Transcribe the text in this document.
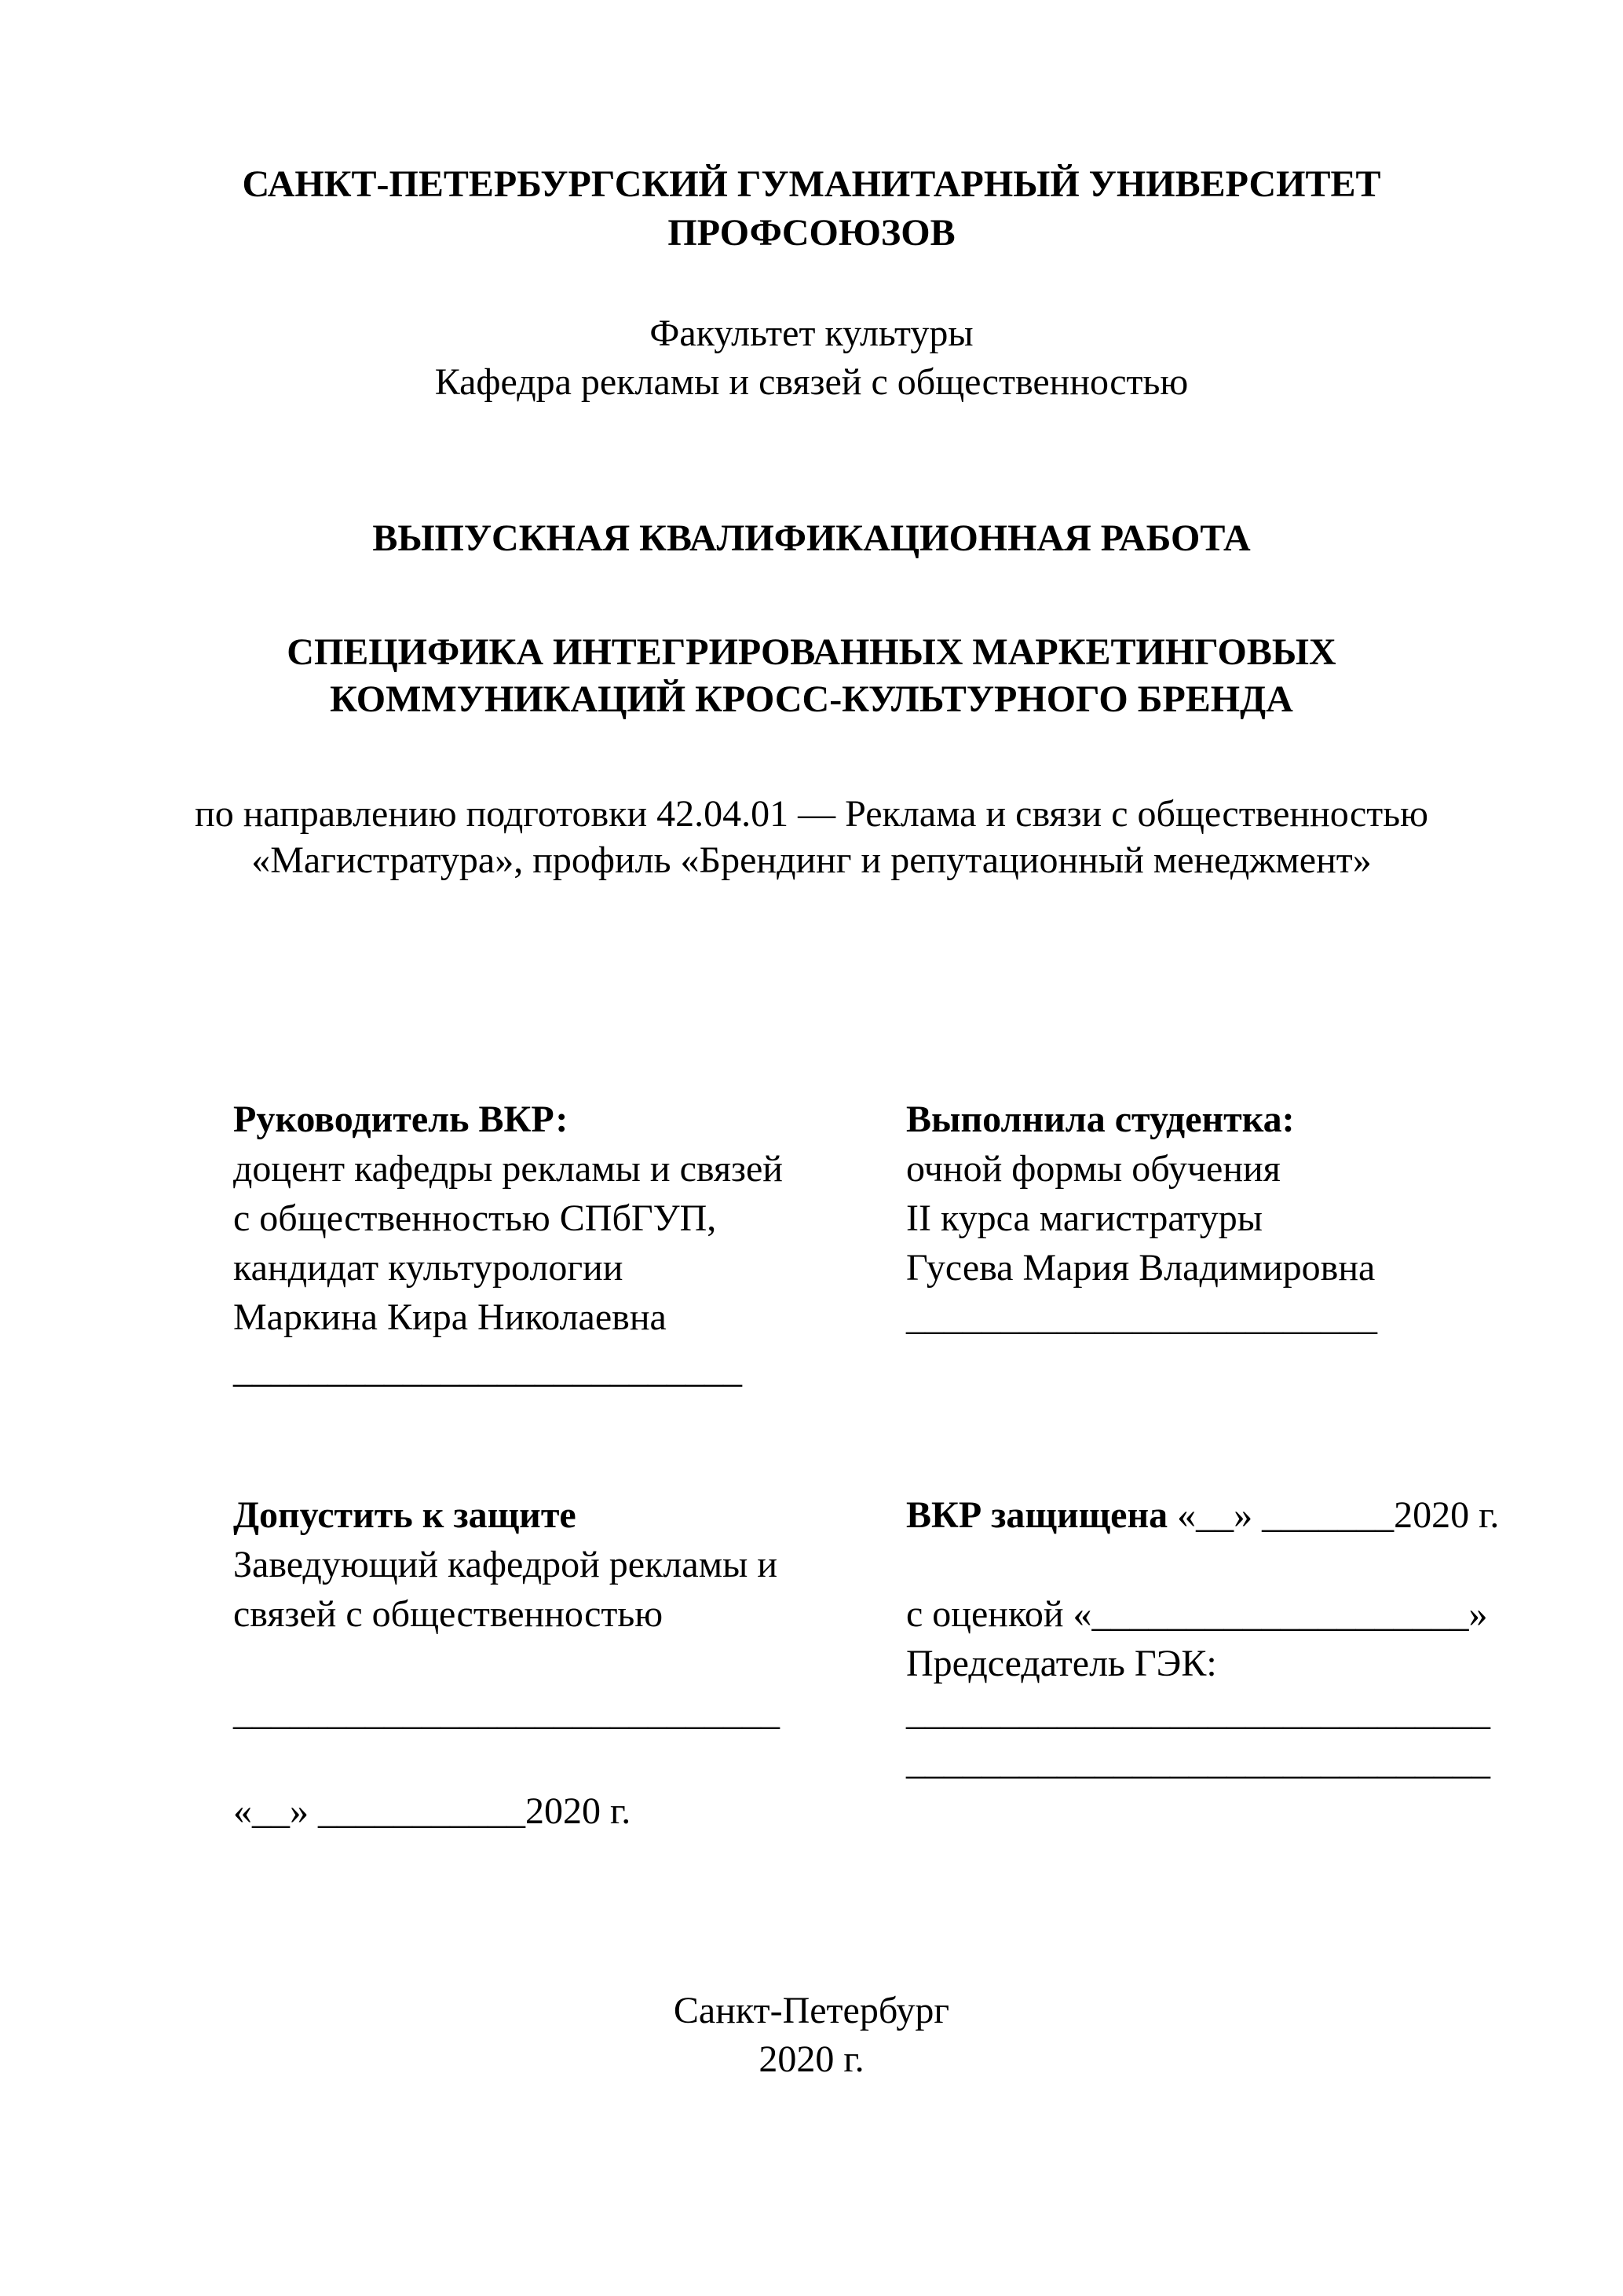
САНКТ-ПЕТЕРБУРГСКИЙ ГУМАНИТАРНЫЙ УНИВЕРСИТЕТ
ПРОФСОЮЗОВ
Факультет культуры
Кафедра рекламы и связей с общественностью
ВЫПУСКНАЯ КВАЛИФИКАЦИОННАЯ РАБОТА
СПЕЦИФИКА ИНТЕГРИРОВАННЫХ МАРКЕТИНГОВЫХ
КОММУНИКАЦИЙ КРОСС-КУЛЬТУРНОГО БРЕНДА
по направлению подготовки 42.04.01 — Реклама и связи с общественностью
«Магистратура», профиль «Брендинг и репутационный менеджмент»
Руководитель ВКР:
доцент кафедры рекламы и связей
с общественностью СПбГУП,
кандидат культурологии
Маркина Кира Николаевна
___________________________
Выполнила студентка:
очной формы обучения
II курса магистратуры
Гусева Мария Владимировна
_________________________
Допустить к защите
Заведующий кафедрой рекламы и
связей с общественностью
_____________________________
«__» ___________2020 г.
ВКР защищена «__» _______2020 г.
с оценкой «____________________»
Председатель ГЭК:
_______________________________
_______________________________
Санкт-Петербург
2020 г.
